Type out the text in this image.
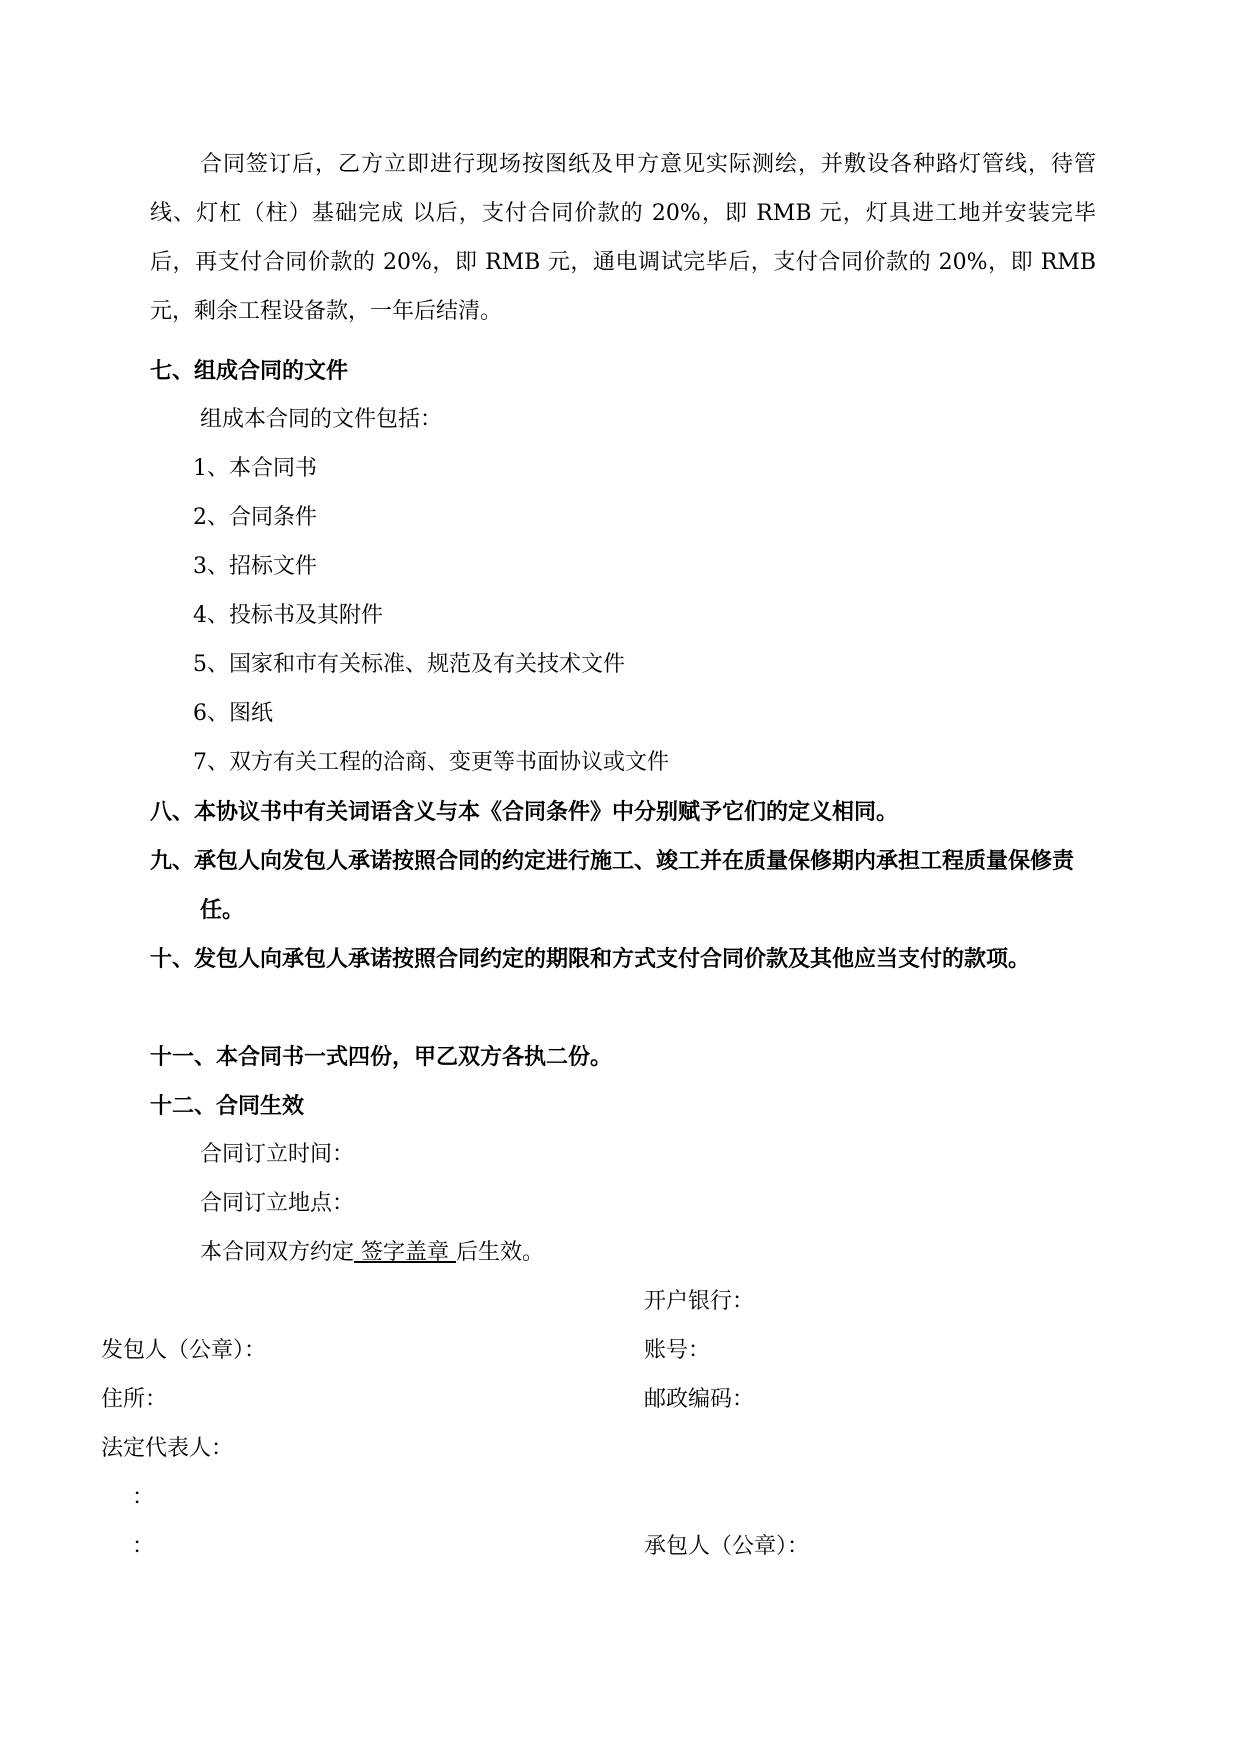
合同签订后，乙方立即进行现场按图纸及甲方意见实际测绘，并敷设各种路灯管线，待管线、灯杠（柱）基础完成 以后，支付合同价款的 20%，即 RMB 元，灯具进工地并安装完毕后，再支付合同价款的 20%，即 RMB 元，通电调试完毕后，支付合同价款的 20%，即 RMB 元，剩余工程设备款，一年后结清。

七、组成合同的文件
组成本合同的文件包括：
1、本合同书
2、合同条件
3、招标文件
4、投标书及其附件
5、国家和市有关标准、规范及有关技术文件
6、图纸
7、双方有关工程的洽商、变更等书面协议或文件
八、本协议书中有关词语含义与本《合同条件》中分别赋予它们的定义相同。

九、承包人向发包人承诺按照合同的约定进行施工、竣工并在质量保修期内承担工程质量保修责任。

十、发包人向承包人承诺按照合同约定的期限和方式支付合同价款及其他应当支付的款项。

十一、本合同书一式四份，甲乙双方各执二份。
十二、合同生效
合同订立时间：
合同订立地点：
本合同双方约定 签字盖章 后生效。
开户银行：
发包人（公章）：	账号：
住所：	邮政编码：
法定代表人：
：
：	承包人（公章）：
